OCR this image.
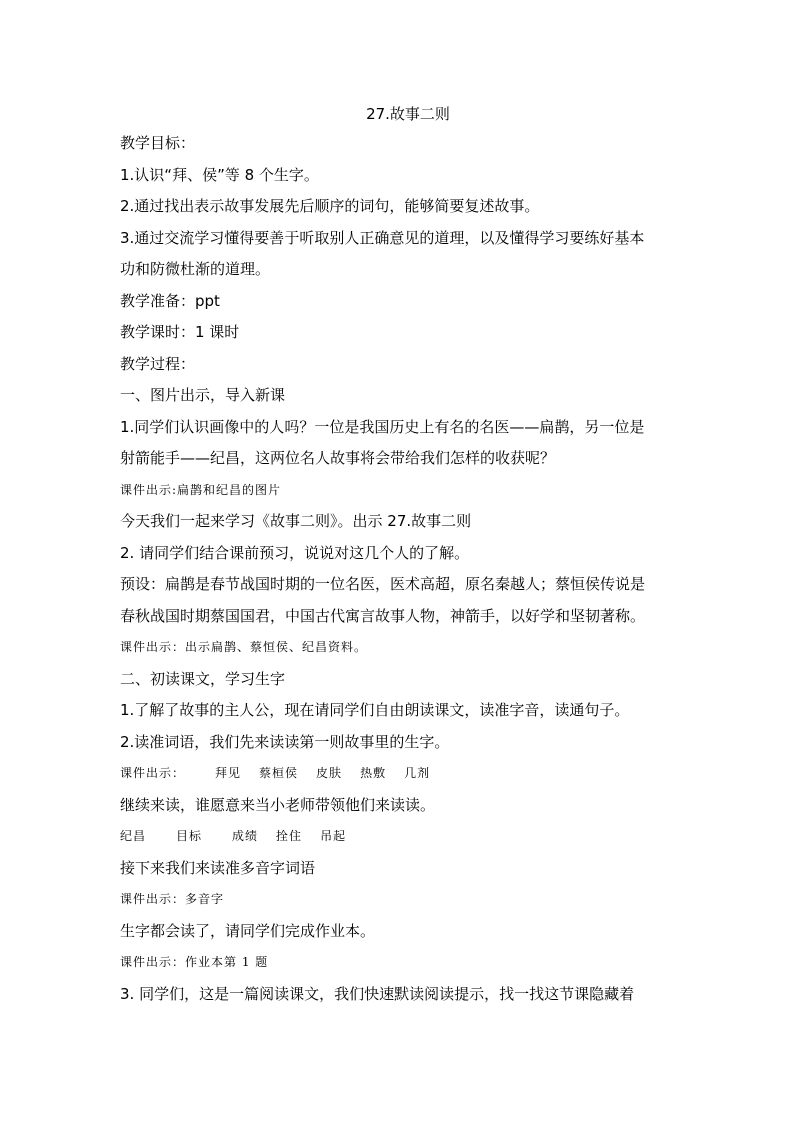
27.故事二则
教学目标：
1.认识“拜、侯”等 8 个生字。
2.通过找出表示故事发展先后顺序的词句，能够简要复述故事。
3.通过交流学习懂得要善于听取别人正确意见的道理，以及懂得学习要练好基本
功和防微杜渐的道理。
教学准备：ppt
教学课时：1 课时
教学过程：
一、图片出示，导入新课
1.同学们认识画像中的人吗？一位是我国历史上有名的名医——扁鹊，另一位是
射箭能手——纪昌，这两位名人故事将会带给我们怎样的收获呢？
课件出示:扁鹊和纪昌的图片
今天我们一起来学习《故事二则》。出示 27.故事二则
2. 请同学们结合课前预习，说说对这几个人的了解。
预设：扁鹊是春节战国时期的一位名医，医术高超，原名秦越人；蔡恒侯传说是
春秋战国时期蔡国国君，中国古代寓言故事人物，神箭手，以好学和坚韧著称。
课件出示：出示扁鹊、蔡恒侯、纪昌资料。
二、初读课文，学习生字
1.了解了故事的主人公，现在请同学们自由朗读课文，读准字音，读通句子。
2.读准词语，我们先来读读第一则故事里的生字。
课件出示：	拜见 蔡桓侯 皮肤 热敷 几剂
继续来读，谁愿意来当小老师带领他们来读读。
纪昌	目标	成绩 拴住 吊起
接下来我们来读准多音字词语
课件出示：多音字
生字都会读了，请同学们完成作业本。
课件出示：作业本第 1 题
3. 同学们，这是一篇阅读课文，我们快速默读阅读提示，找一找这节课隐藏着
